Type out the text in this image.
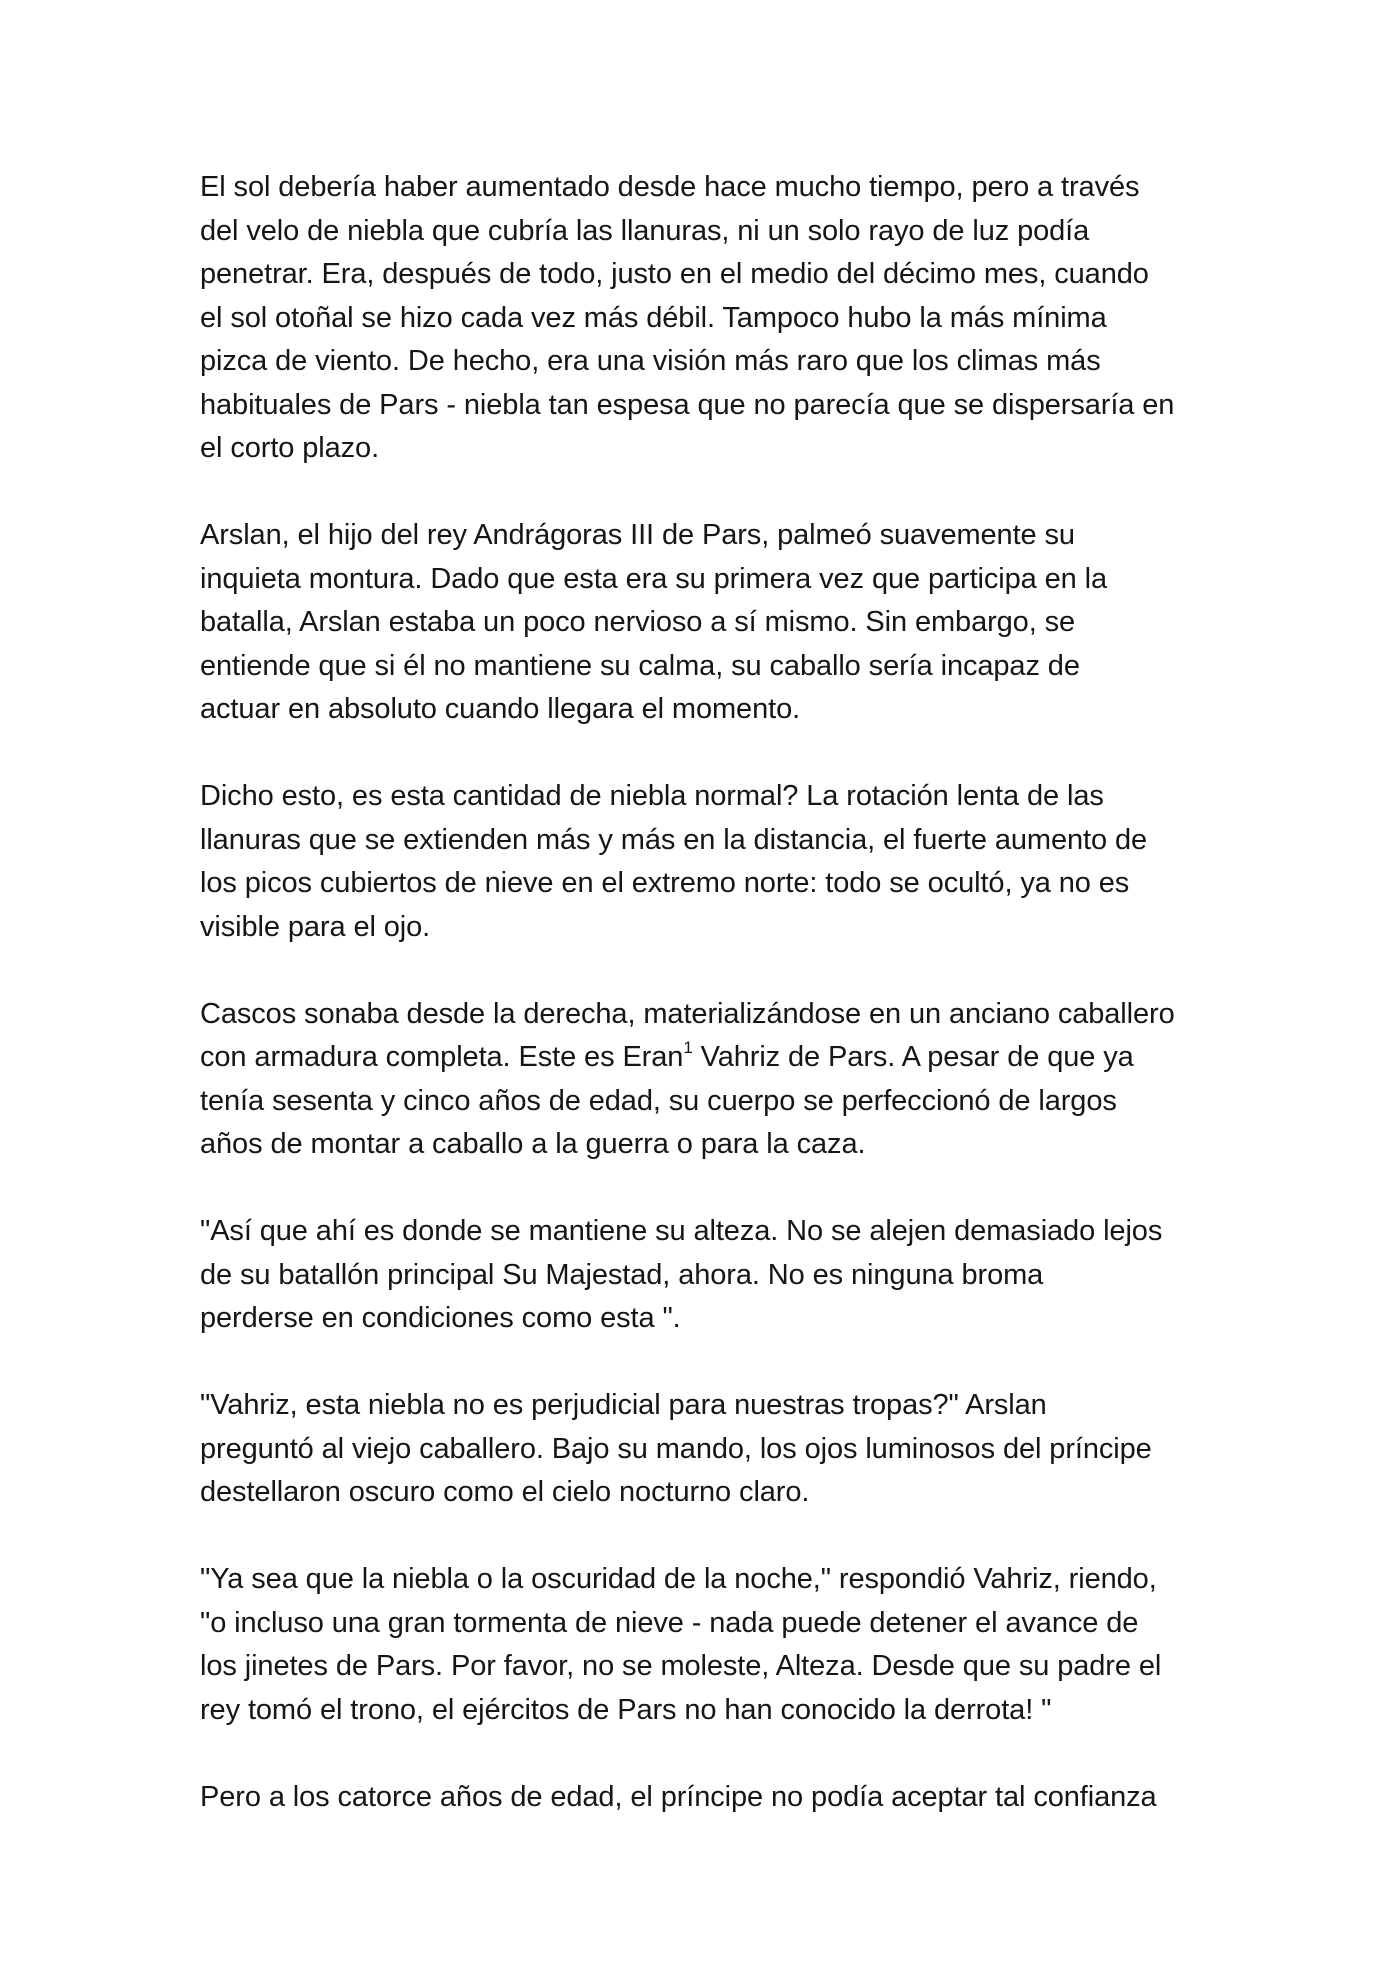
El sol debería haber aumentado desde hace mucho tiempo, pero a través
del velo de niebla que cubría las llanuras, ni un solo rayo de luz podía
penetrar. Era, después de todo, justo en el medio del décimo mes, cuando
el sol otoñal se hizo cada vez más débil. Tampoco hubo la más mínima
pizca de viento. De hecho, era una visión más raro que los climas más
habituales de Pars - niebla tan espesa que no parecía que se dispersaría en
el corto plazo.
Arslan, el hijo del rey Andrágoras III de Pars, palmeó suavemente su
inquieta montura. Dado que esta era su primera vez que participa en la
batalla, Arslan estaba un poco nervioso a sí mismo. Sin embargo, se
entiende que si él no mantiene su calma, su caballo sería incapaz de
actuar en absoluto cuando llegara el momento.
Dicho esto, es esta cantidad de niebla normal? La rotación lenta de las
llanuras que se extienden más y más en la distancia, el fuerte aumento de
los picos cubiertos de nieve en el extremo norte: todo se ocultó, ya no es
visible para el ojo.
Cascos sonaba desde la derecha, materializándose en un anciano caballero
con armadura completa. Este es Eran$^1$ Vahriz de Pars. A pesar de que ya
tenía sesenta y cinco años de edad, su cuerpo se perfeccionó de largos
años de montar a caballo a la guerra o para la caza.
"Así que ahí es donde se mantiene su alteza. No se alejen demasiado lejos
de su batallón principal Su Majestad, ahora. No es ninguna broma
perderse en condiciones como esta ".
"Vahriz, esta niebla no es perjudicial para nuestras tropas?" Arslan
preguntó al viejo caballero. Bajo su mando, los ojos luminosos del príncipe
destellaron oscuro como el cielo nocturno claro.
"Ya sea que la niebla o la oscuridad de la noche," respondió Vahriz, riendo,
"o incluso una gran tormenta de nieve - nada puede detener el avance de
los jinetes de Pars. Por favor, no se moleste, Alteza. Desde que su padre el
rey tomó el trono, el ejércitos de Pars no han conocido la derrota! "
Pero a los catorce años de edad, el príncipe no podía aceptar tal confianza
